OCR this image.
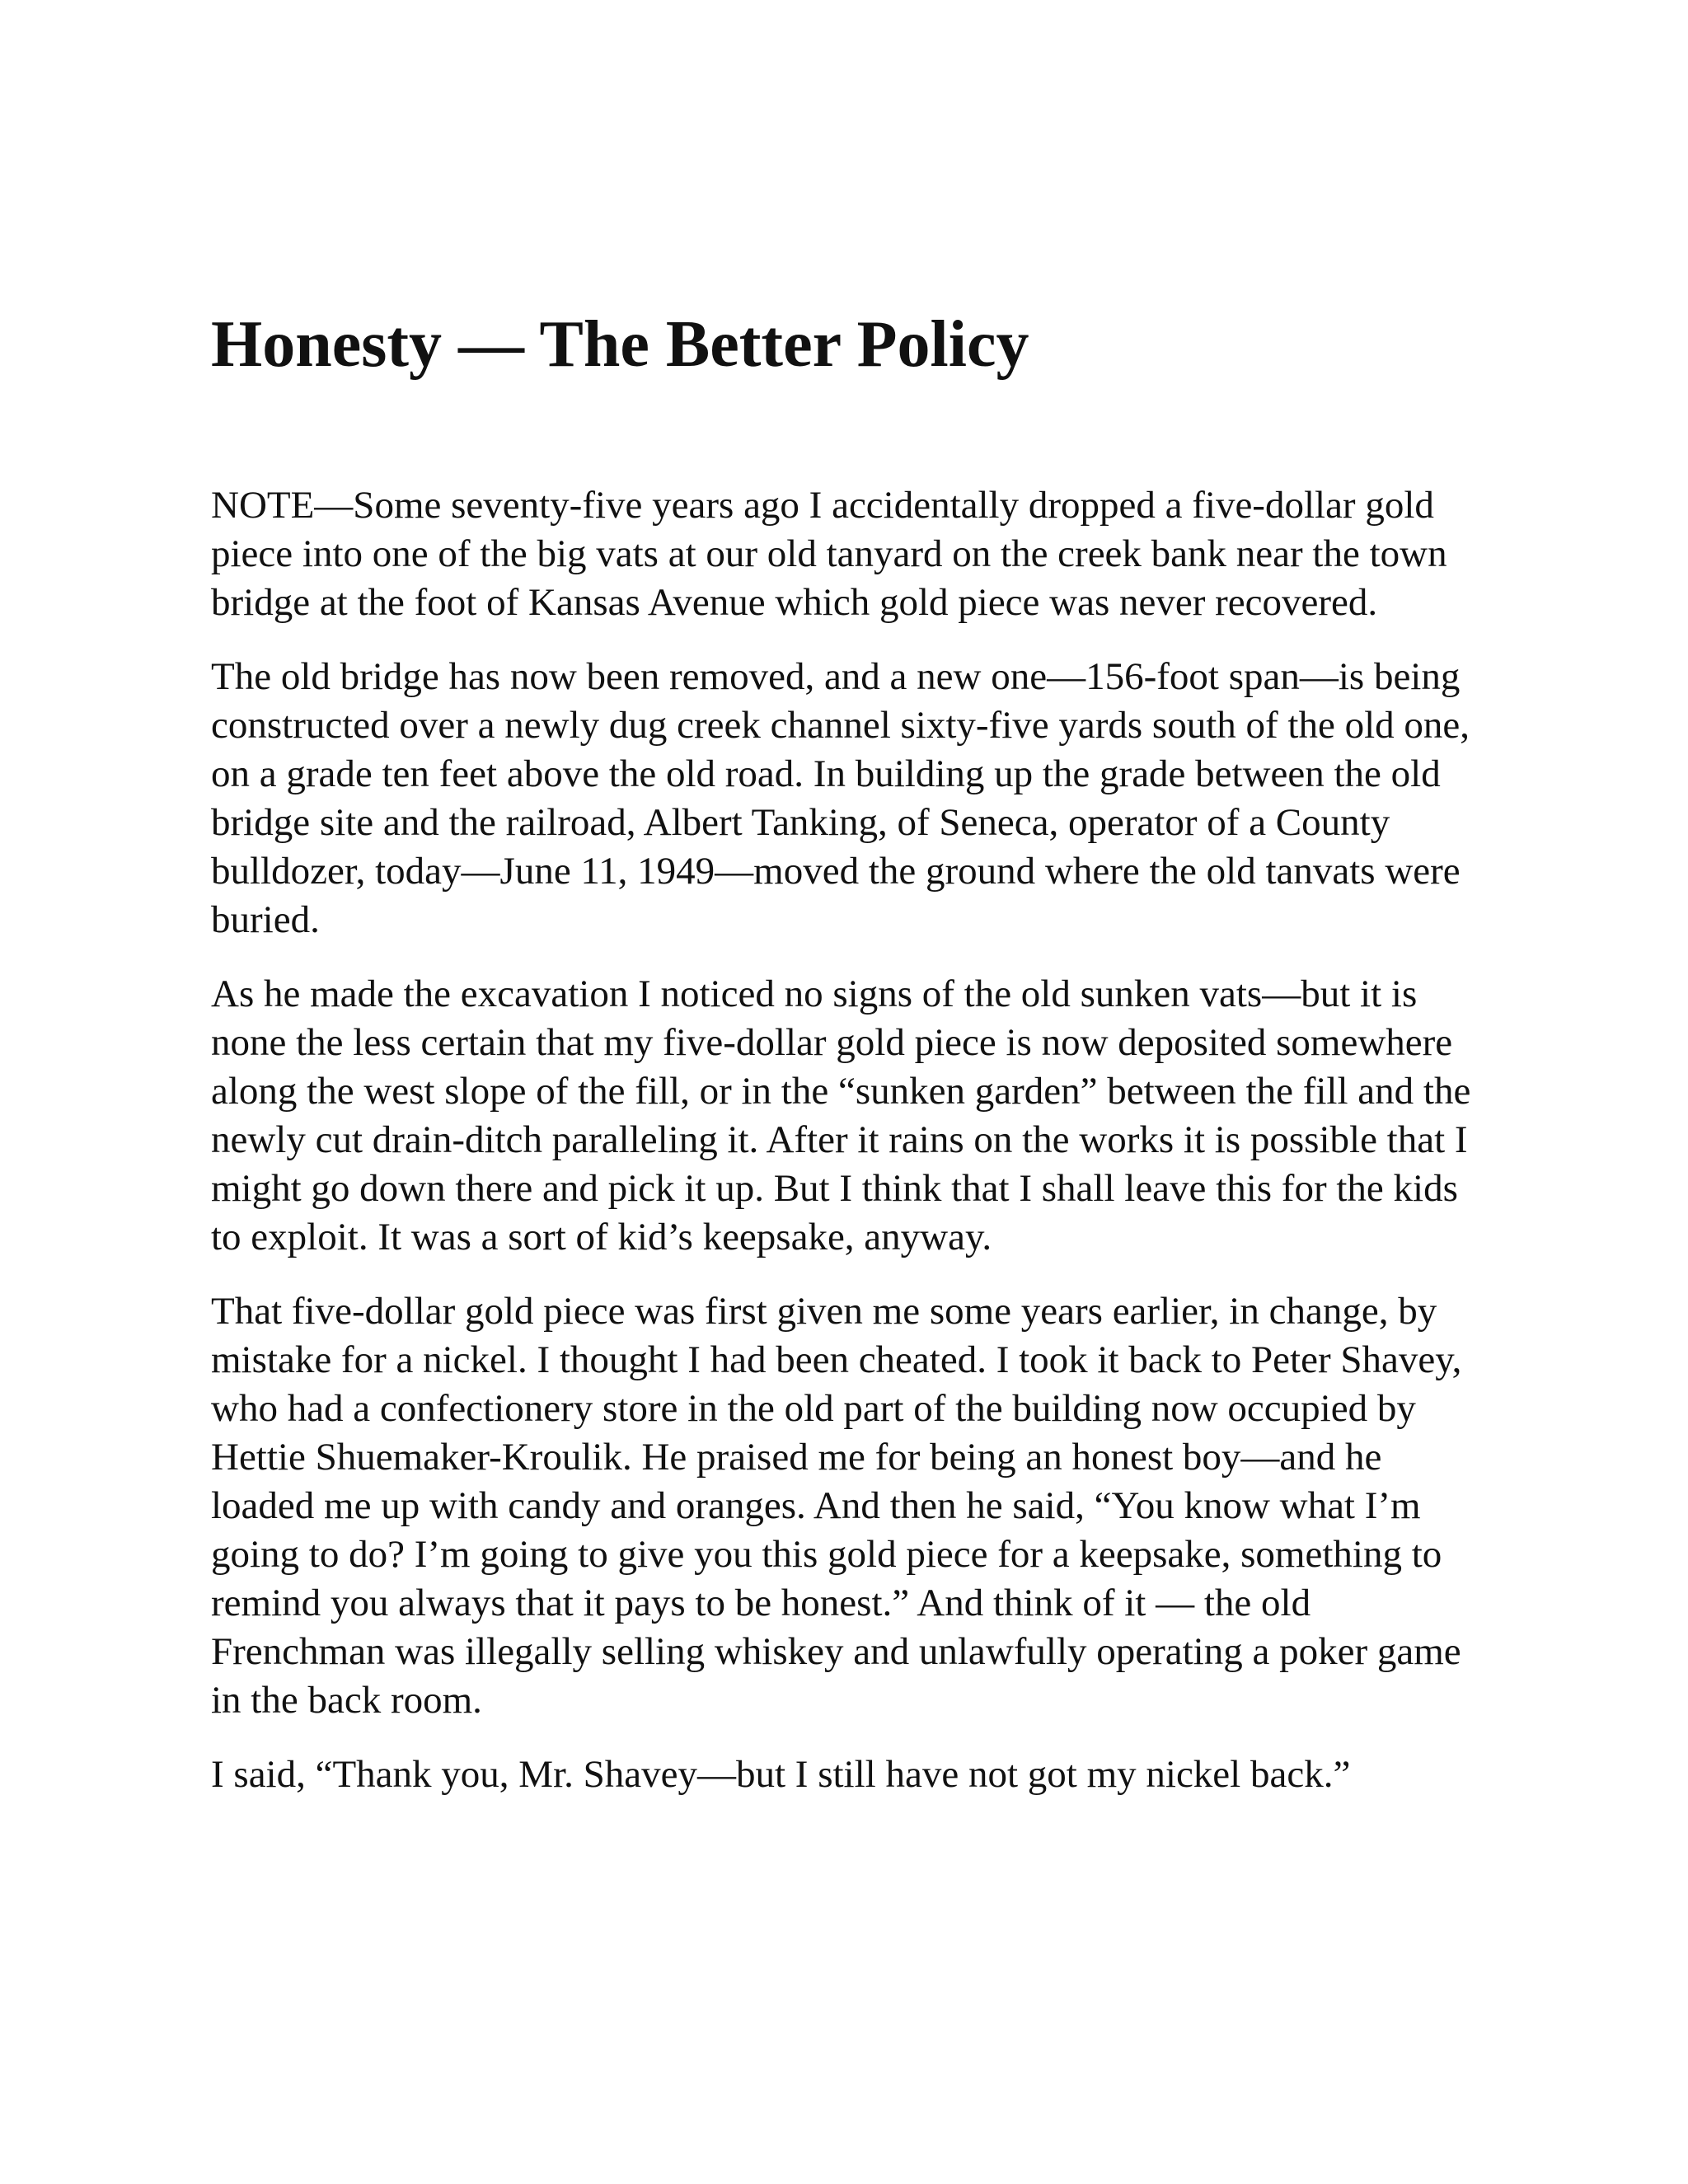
Honesty — The Better Policy

NOTE—Some seventy-five years ago I accidentally dropped a five-dollar gold piece into one of the big vats at our old tanyard on the creek bank near the town bridge at the foot of Kansas Avenue which gold piece was never recovered.

The old bridge has now been removed, and a new one—156-foot span—is being constructed over a newly dug creek channel sixty-five yards south of the old one, on a grade ten feet above the old road. In building up the grade between the old bridge site and the railroad, Albert Tanking, of Seneca, operator of a County bulldozer, today—June 11, 1949—moved the ground where the old tanvats were buried.

As he made the excavation I noticed no signs of the old sunken vats—but it is none the less certain that my five-dollar gold piece is now deposited somewhere along the west slope of the fill, or in the “sunken garden” between the fill and the newly cut drain-ditch paralleling it. After it rains on the works it is possible that I might go down there and pick it up. But I think that I shall leave this for the kids to exploit. It was a sort of kid’s keepsake, anyway.

That five-dollar gold piece was first given me some years earlier, in change, by mistake for a nickel. I thought I had been cheated. I took it back to Peter Shavey, who had a confectionery store in the old part of the building now occupied by Hettie Shuemaker-Kroulik. He praised me for being an honest boy—and he loaded me up with candy and oranges. And then he said, “You know what I’m going to do? I’m going to give you this gold piece for a keepsake, something to remind you always that it pays to be honest.” And think of it — the old Frenchman was illegally selling whiskey and unlawfully operating a poker game in the back room.

I said, “Thank you, Mr. Shavey—but I still have not got my nickel back.”
